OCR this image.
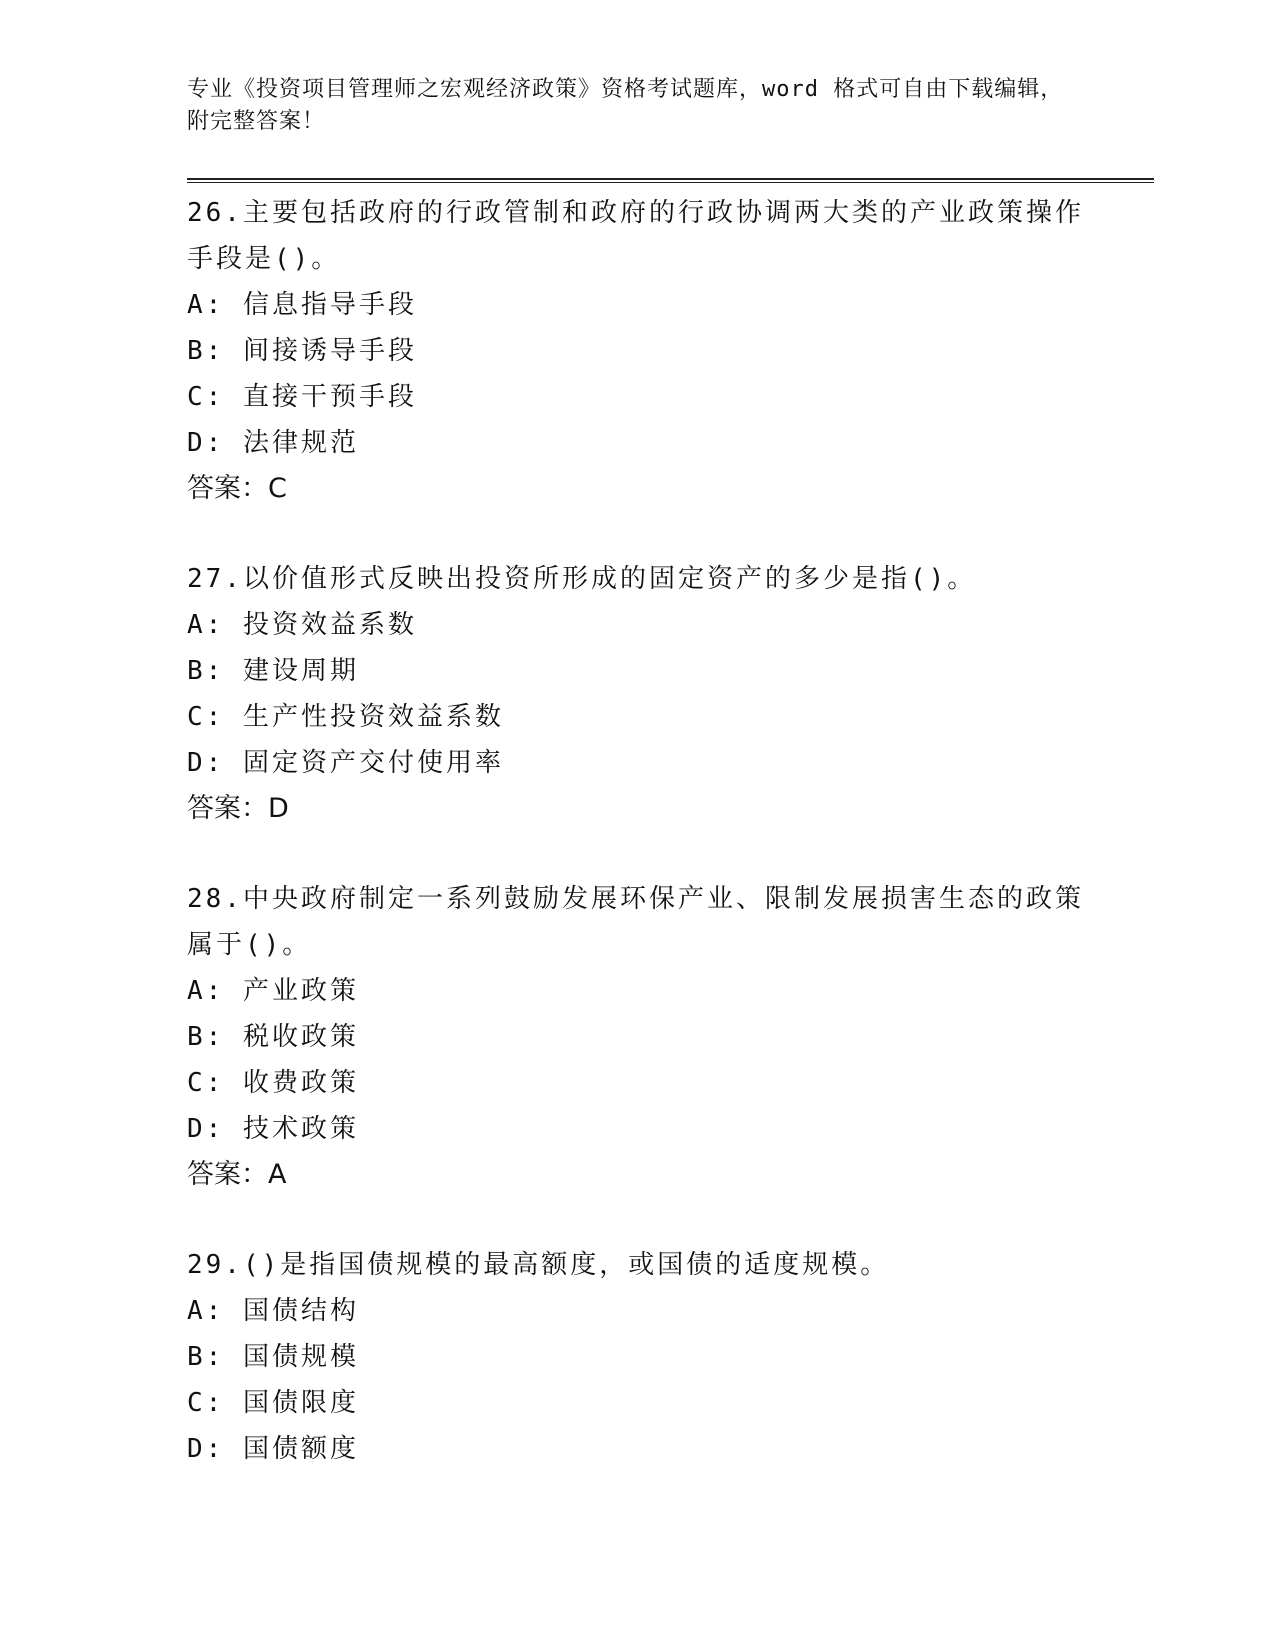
专业《投资项目管理师之宏观经济政策》资格考试题库，word 格式可自由下载编辑，附完整答案！

26.主要包括政府的行政管制和政府的行政协调两大类的产业政策操作手段是()。

A: 信息指导手段

B: 间接诱导手段

C: 直接干预手段

D: 法律规范

答案：C

27.以价值形式反映出投资所形成的固定资产的多少是指()。

A: 投资效益系数

B: 建设周期

C: 生产性投资效益系数

D: 固定资产交付使用率

答案：D

28.中央政府制定一系列鼓励发展环保产业、限制发展损害生态的政策属于()。

A: 产业政策

B: 税收政策

C: 收费政策

D: 技术政策

答案：A

29.()是指国债规模的最高额度，或国债的适度规模。

A: 国债结构

B: 国债规模

C: 国债限度

D: 国债额度
